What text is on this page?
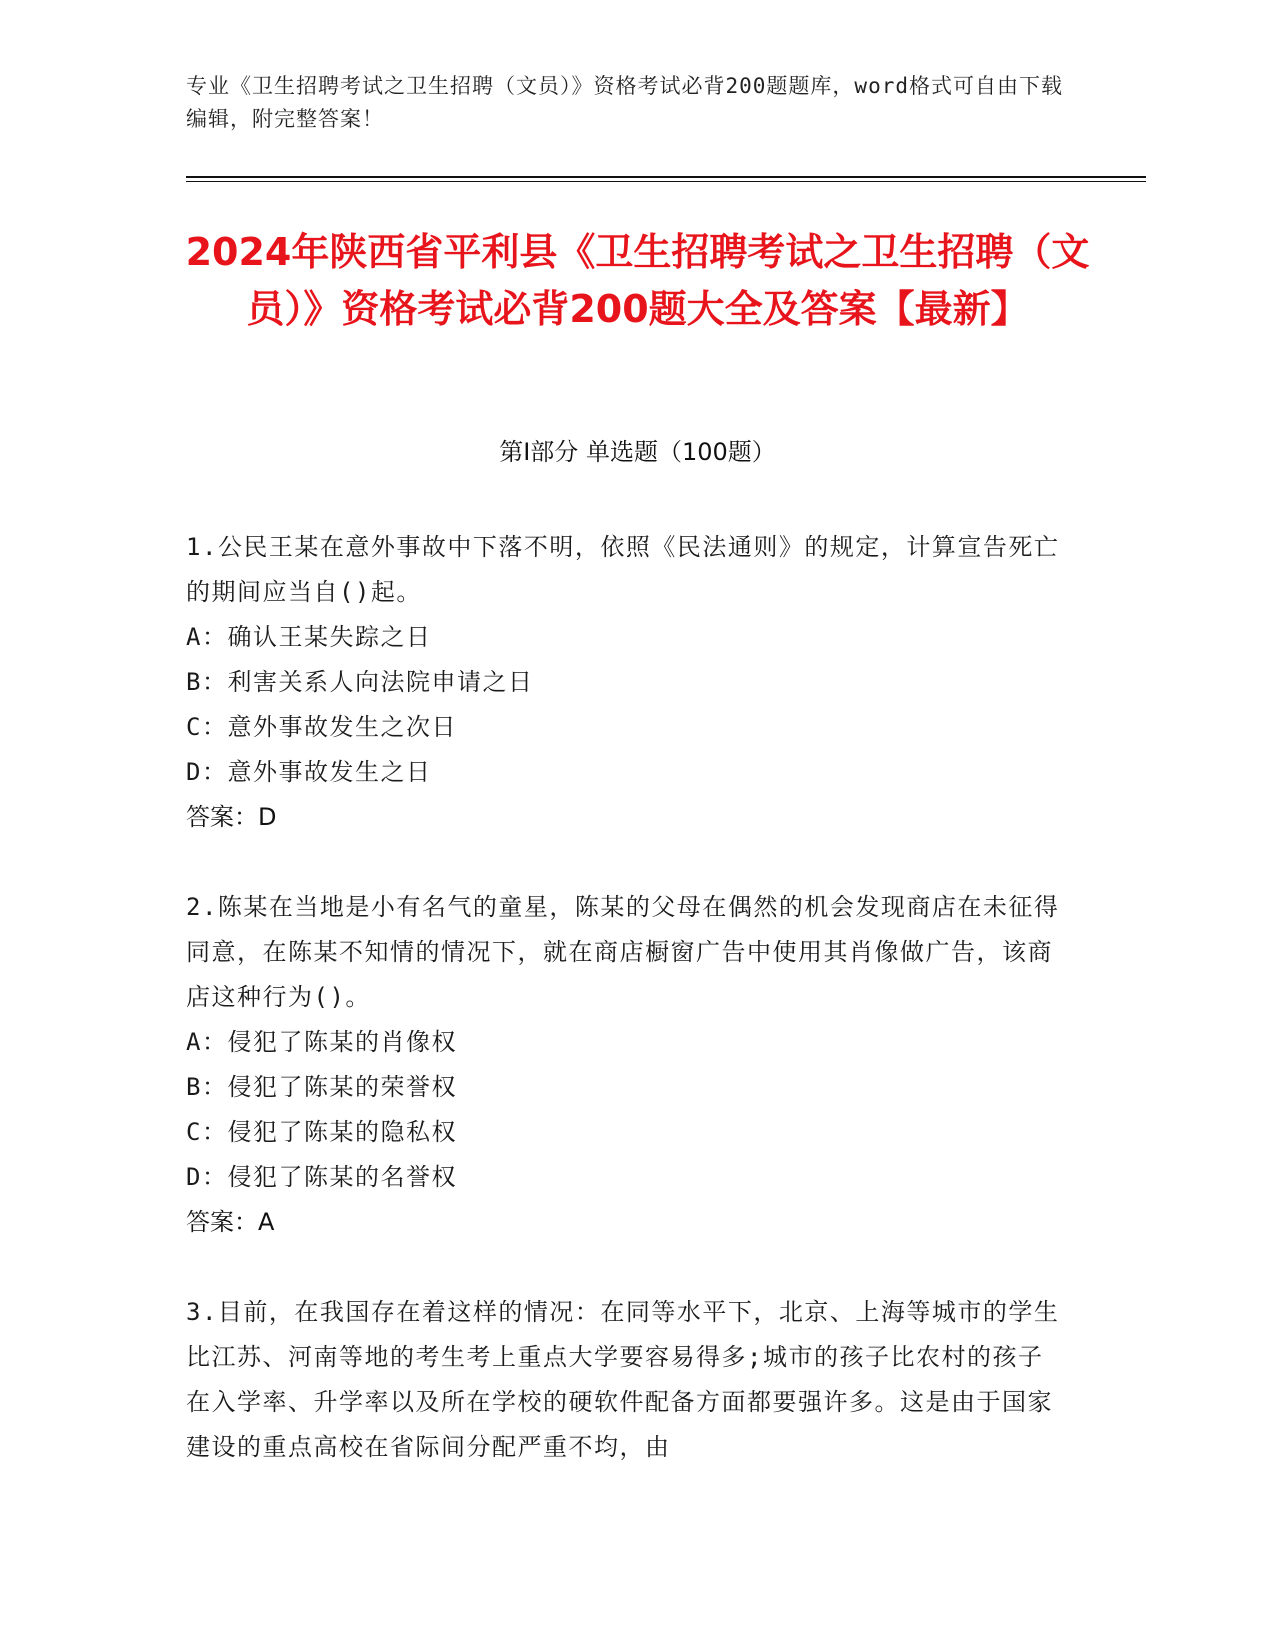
专业《卫生招聘考试之卫生招聘（文员）》资格考试必背200题题库，word格式可自由下载编辑，附完整答案！
2024年陕西省平利县《卫生招聘考试之卫生招聘（文员）》资格考试必背200题大全及答案【最新】
第I部分 单选题（100题）
1.公民王某在意外事故中下落不明，依照《民法通则》的规定，计算宣告死亡的期间应当自()起。
A：确认王某失踪之日
B：利害关系人向法院申请之日
C：意外事故发生之次日
D：意外事故发生之日
答案：D
2.陈某在当地是小有名气的童星，陈某的父母在偶然的机会发现商店在未征得同意，在陈某不知情的情况下，就在商店橱窗广告中使用其肖像做广告，该商店这种行为()。
A：侵犯了陈某的肖像权
B：侵犯了陈某的荣誉权
C：侵犯了陈某的隐私权
D：侵犯了陈某的名誉权
答案：A
3.目前，在我国存在着这样的情况：在同等水平下，北京、上海等城市的学生比江苏、河南等地的考生考上重点大学要容易得多;城市的孩子比农村的孩子在入学率、升学率以及所在学校的硬软件配备方面都要强许多。这是由于国家建设的重点高校在省际间分配严重不均，由
